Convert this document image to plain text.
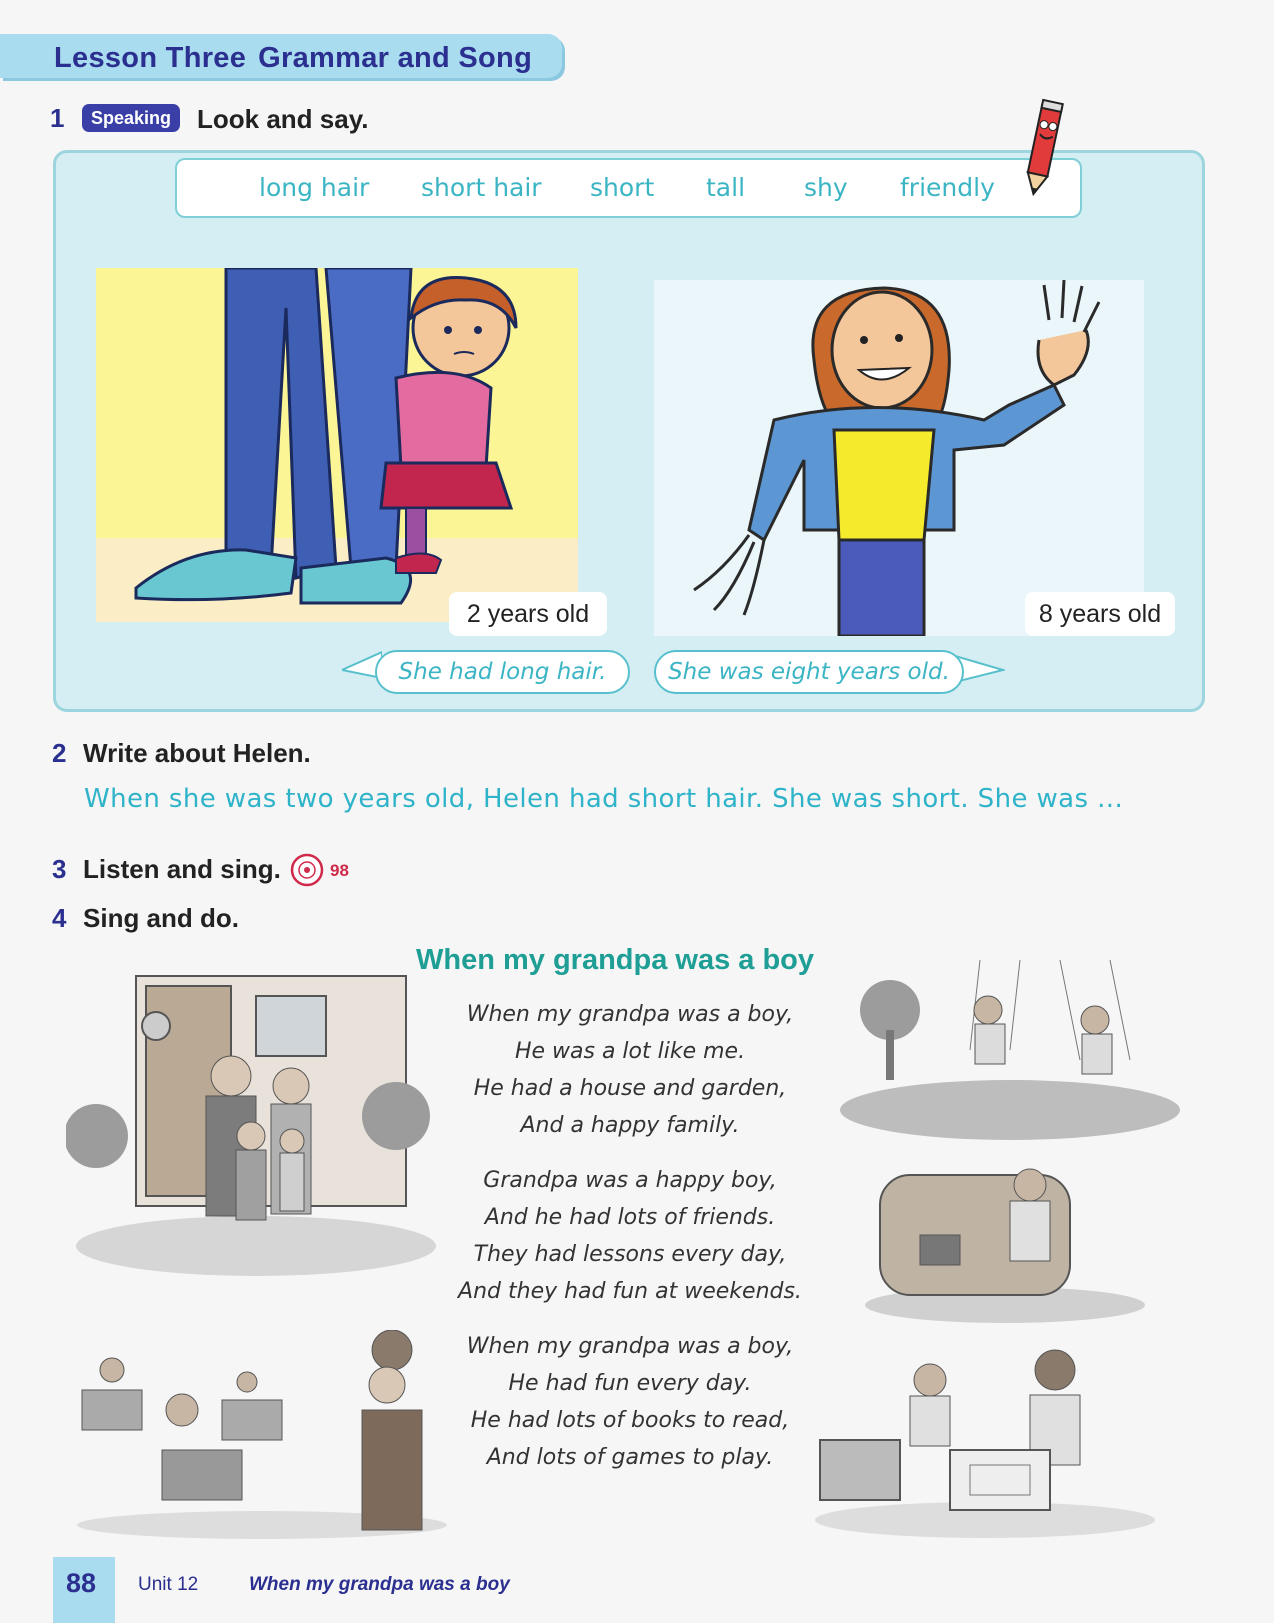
Lesson Three Grammar and Song
1	Speaking Look and say.
long hair short hair short tall shy friendly
2 years old	8 years old
She had long hair.	She was eight years old.
2 Write about Helen.
When she was two years old, Helen had short hair. She was short. She was ...
3 Listen and sing.	98
4 Sing and do.
When my grandpa was a boy
When my grandpa was a boy,
He was a lot like me.
He had a house and garden,
And a happy family.
Grandpa was a happy boy,
And he had lots of friends.
They had lessons every day,
And they had fun at weekends.
When my grandpa was a boy,
He had fun every day.
He had lots of books to read,
And lots of games to play.
88 Unit 12	When my grandpa was a boy
